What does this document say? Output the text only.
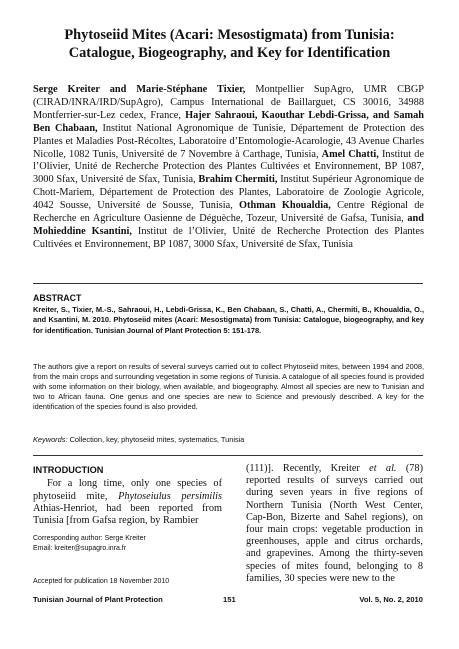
Phytoseiid Mites (Acari: Mesostigmata) from Tunisia:
Catalogue, Biogeography, and Key for Identification
Serge Kreiter and Marie-Stéphane Tixier, Montpellier SupAgro, UMR CBGP (CIRAD/INRA/IRD/SupAgro), Campus International de Baillarguet, CS 30016, 34988 Montferrier-sur-Lez cedex, France, Hajer Sahraoui, Kaouthar Lebdi-Grissa, and Samah Ben Chabaan, Institut National Agronomique de Tunisie, Département de Protection des Plantes et Maladies Post-Récoltes, Laboratoire d’Entomologie-Acarologie, 43 Avenue Charles Nicolle, 1082 Tunis, Université de 7 Novembre à Carthage, Tunisia, Amel Chatti, Institut de l’Olivier, Unité de Recherche Protection des Plantes Cultivées et Environnement, BP 1087, 3000 Sfax, Université de Sfax, Tunisia, Brahim Chermiti, Institut Supérieur Agronomique de Chott-Mariem, Département de Protection des Plantes, Laboratoire de Zoologie Agricole, 4042 Sousse, Université de Sousse, Tunisia, Othman Khoualdia, Centre Régional de Recherche en Agriculture Oasienne de Déguèche, Tozeur, Université de Gafsa, Tunisia, and Mohieddine Ksantini, Institut de l’Olivier, Unité de Recherche Protection des Plantes Cultivées et Environnement, BP 1087, 3000 Sfax, Université de Sfax, Tunisia
ABSTRACT
Kreiter, S., Tixier, M.-S., Sahraoui, H., Lebdi-Grissa, K., Ben Chabaan, S., Chatti, A., Chermiti, B., Khoualdia, O., and Ksantini, M. 2010. Phytoseiid mites (Acari: Mesostigmata) from Tunisia: Catalogue, biogeography, and key for identification. Tunisian Journal of Plant Protection 5: 151-178.
The authors give a report on results of several surveys carried out to collect Phytoseiid mites, between 1994 and 2008, from the main crops and surrounding vegetation in some regions of Tunisia. A catalogue of all species found is provided with some information on their biology, when available, and biogeography. Almost all species are new to Tunisian and two to African fauna. One genus and one species are new to Science and previously described. A key for the identification of the species found is also provided.
Keywords: Collection, key, phytoseiid mites, systematics, Tunisia
INTRODUCTION

For a long time, only one species of phytoseiid mite, Phytoseiulus persimilis Athias-Henriot, had been reported from Tunisia [from Gafsa region, by Rambier

(111)]. Recently, Kreiter et al. (78) reported results of surveys carried out during seven years in five regions of Northern Tunisia (North West Center, Cap-Bon, Bizerte and Sahel regions), on four main crops: vegetable production in greenhouses, apple and citrus orchards, and grapevines. Among the thirty-seven species of mites found, belonging to 8 families, 30 species were new to the

Corresponding author: Serge Kreiter
Email: kreiter@supagro.inra.fr
Accepted for publication 18 November 2010
Tunisian Journal of Plant Protection	151	Vol. 5, No. 2, 2010
